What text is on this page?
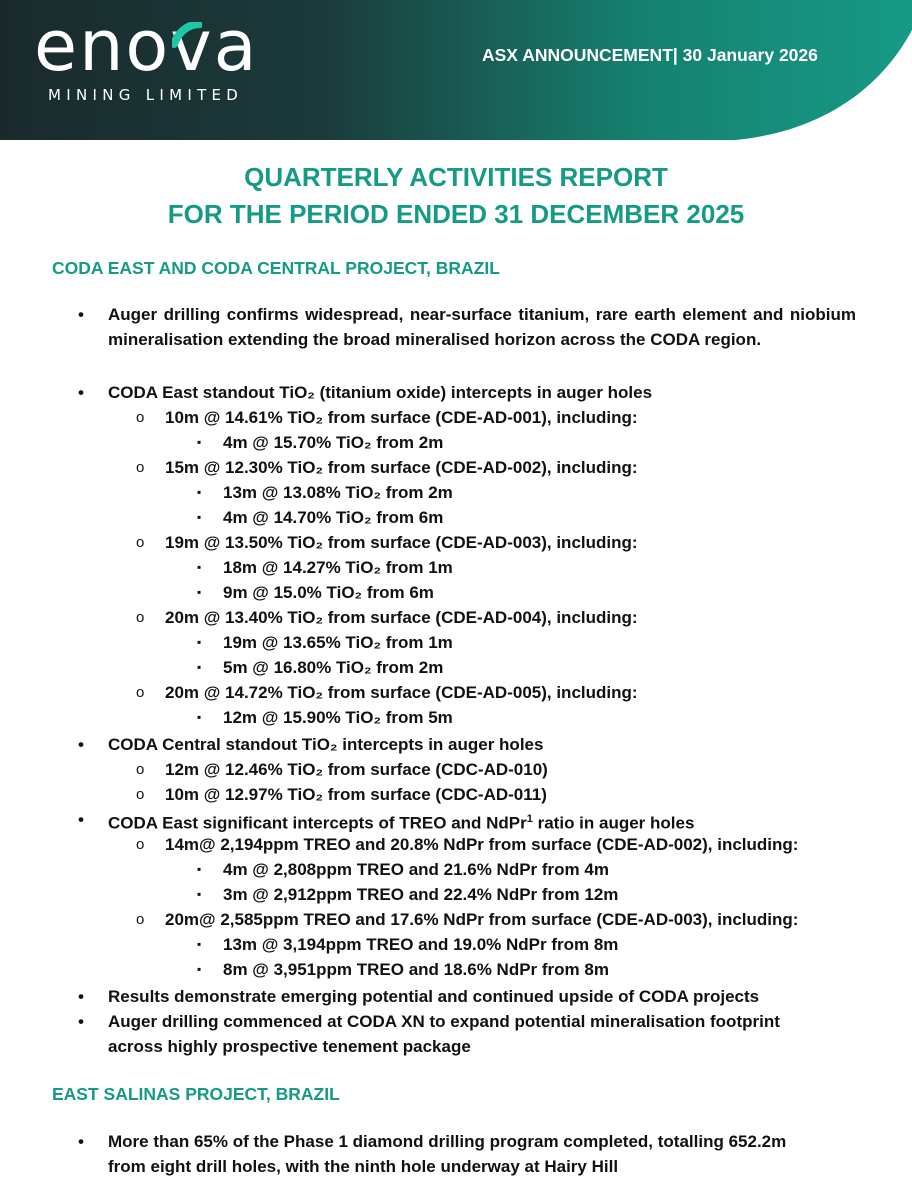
enova
MINING LIMITED
ASX ANNOUNCEMENT| 30 January 2026
QUARTERLY ACTIVITIES REPORT
FOR THE PERIOD ENDED 31 DECEMBER 2025
CODA EAST AND CODA CENTRAL PROJECT, BRAZIL
• Auger drilling confirms widespread, near-surface titanium, rare earth element and niobium mineralisation extending the broad mineralised horizon across the CODA region.
• CODA East standout TiO₂ (titanium oxide) intercepts in auger holes
o 10m @ 14.61% TiO₂ from surface (CDE-AD-001), including:
▪ 4m @ 15.70% TiO₂ from 2m
o 15m @ 12.30% TiO₂ from surface (CDE-AD-002), including:
▪ 13m @ 13.08% TiO₂ from 2m
▪ 4m @ 14.70% TiO₂ from 6m
o 19m @ 13.50% TiO₂ from surface (CDE-AD-003), including:
▪ 18m @ 14.27% TiO₂ from 1m
▪ 9m @ 15.0% TiO₂ from 6m
o 20m @ 13.40% TiO₂ from surface (CDE-AD-004), including:
▪ 19m @ 13.65% TiO₂ from 1m
▪ 5m @ 16.80% TiO₂ from 2m
o 20m @ 14.72% TiO₂ from surface (CDE-AD-005), including:
▪ 12m @ 15.90% TiO₂ from 5m
• CODA Central standout TiO₂ intercepts in auger holes
o 12m @ 12.46% TiO₂ from surface (CDC-AD-010)
o 10m @ 12.97% TiO₂ from surface (CDC-AD-011)
• CODA East significant intercepts of TREO and NdPr$^1$ ratio in auger holes
o 14m@ 2,194ppm TREO and 20.8% NdPr from surface (CDE-AD-002), including:
▪ 4m @ 2,808ppm TREO and 21.6% NdPr from 4m
▪ 3m @ 2,912ppm TREO and 22.4% NdPr from 12m
o 20m@ 2,585ppm TREO and 17.6% NdPr from surface (CDE-AD-003), including:
▪ 13m @ 3,194ppm TREO and 19.0% NdPr from 8m
▪ 8m @ 3,951ppm TREO and 18.6% NdPr from 8m
• Results demonstrate emerging potential and continued upside of CODA projects
• Auger drilling commenced at CODA XN to expand potential mineralisation footprint
across highly prospective tenement package
EAST SALINAS PROJECT, BRAZIL
• More than 65% of the Phase 1 diamond drilling program completed, totalling 652.2m
from eight drill holes, with the ninth hole underway at Hairy Hill
